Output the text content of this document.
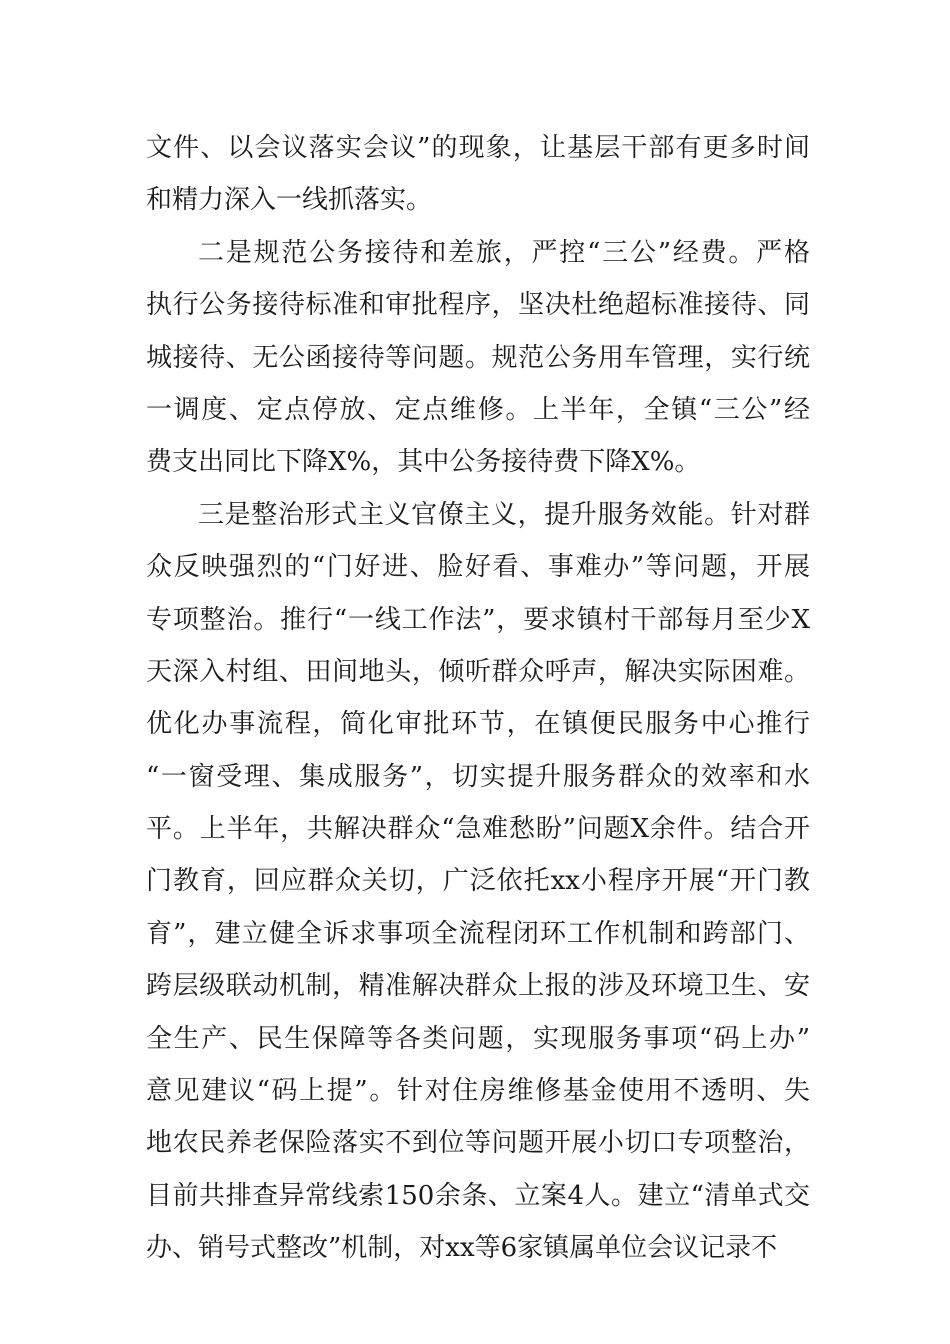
文件、以会议落实会议”的现象，让基层干部有更多时间
和精力深入一线抓落实。
二是规范公务接待和差旅，严控“三公”经费。严格
执行公务接待标准和审批程序，坚决杜绝超标准接待、同
城接待、无公函接待等问题。规范公务用车管理，实行统
一调度、定点停放、定点维修。上半年，全镇“三公”经
费支出同比下降X%，其中公务接待费下降X%。
三是整治形式主义官僚主义，提升服务效能。针对群
众反映强烈的“门好进、脸好看、事难办”等问题，开展
专项整治。推行“一线工作法”，要求镇村干部每月至少X
天深入村组、田间地头，倾听群众呼声，解决实际困难。
优化办事流程，简化审批环节，在镇便民服务中心推行
“一窗受理、集成服务”，切实提升服务群众的效率和水
平。上半年，共解决群众“急难愁盼”问题X余件。结合开
门教育，回应群众关切，广泛依托xx小程序开展“开门教
育”，建立健全诉求事项全流程闭环工作机制和跨部门、
跨层级联动机制，精准解决群众上报的涉及环境卫生、安
全生产、民生保障等各类问题，实现服务事项“码上办”
意见建议“码上提”。针对住房维修基金使用不透明、失
地农民养老保险落实不到位等问题开展小切口专项整治，
目前共排查异常线索150余条、立案4人。建立“清单式交
办、销号式整改”机制，对xx等6家镇属单位会议记录不
